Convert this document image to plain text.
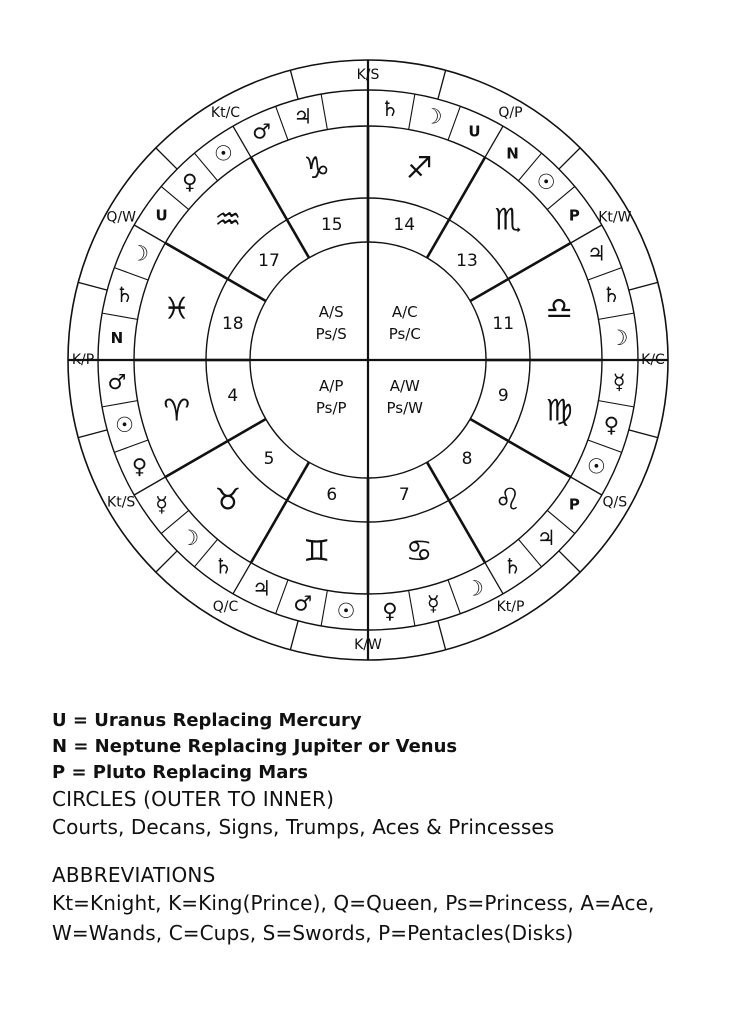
Q/P
Kt/W
K/C
Q/S
Kt/P
K/W
Q/C
Kt/S
K/P
Q/W
Kt/C
K/S
♄ ☽
U
N
☉
P
♃
♄
☽
☿
♀
☉
P
♃
♄
☽
☿
♀
☉
♂
♃
♄
☽
☿
♀
☉
♂
N
♄
☽
U
♀
☉
♂
♃
♐
♏
♎
♍
♌
♋
♊
♉
♈
♓
♒
♑
14
13
11
9
8
7
6
5
4
18
17
15
A/C
Ps/C
A/W
Ps/W
A/P
Ps/P
A/S
Ps/S
U = Uranus Replacing Mercury
N = Neptune Replacing Jupiter or Venus
P = Pluto Replacing Mars
CIRCLES (OUTER TO INNER)
Courts, Decans, Signs, Trumps, Aces & Princesses
ABBREVIATIONS
Kt=Knight, K=King(Prince), Q=Queen, Ps=Princess, A=Ace,
W=Wands, C=Cups, S=Swords, P=Pentacles(Disks)
